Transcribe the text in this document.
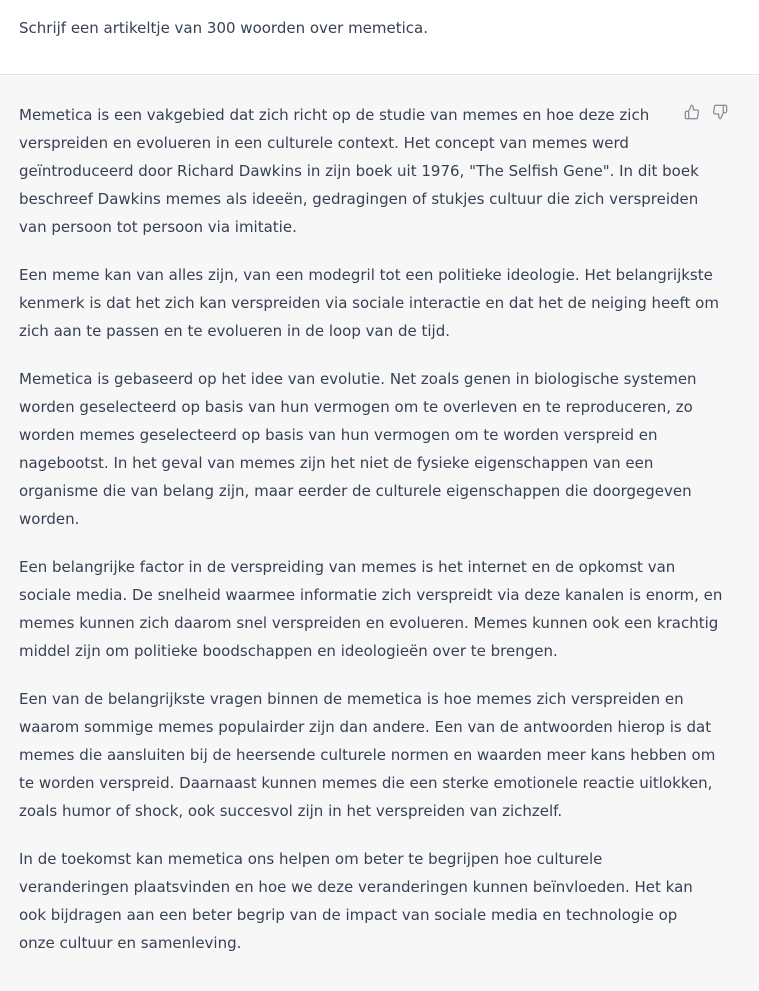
Schrijf een artikeltje van 300 woorden over memetica.

Memetica is een vakgebied dat zich richt op de studie van memes en hoe deze zich
verspreiden en evolueren in een culturele context. Het concept van memes werd
geïntroduceerd door Richard Dawkins in zijn boek uit 1976, "The Selfish Gene". In dit boek
beschreef Dawkins memes als ideeën, gedragingen of stukjes cultuur die zich verspreiden
van persoon tot persoon via imitatie.

Een meme kan van alles zijn, van een modegril tot een politieke ideologie. Het belangrijkste
kenmerk is dat het zich kan verspreiden via sociale interactie en dat het de neiging heeft om
zich aan te passen en te evolueren in de loop van de tijd.

Memetica is gebaseerd op het idee van evolutie. Net zoals genen in biologische systemen
worden geselecteerd op basis van hun vermogen om te overleven en te reproduceren, zo
worden memes geselecteerd op basis van hun vermogen om te worden verspreid en
nagebootst. In het geval van memes zijn het niet de fysieke eigenschappen van een
organisme die van belang zijn, maar eerder de culturele eigenschappen die doorgegeven
worden.

Een belangrijke factor in de verspreiding van memes is het internet en de opkomst van
sociale media. De snelheid waarmee informatie zich verspreidt via deze kanalen is enorm, en
memes kunnen zich daarom snel verspreiden en evolueren. Memes kunnen ook een krachtig
middel zijn om politieke boodschappen en ideologieën over te brengen.

Een van de belangrijkste vragen binnen de memetica is hoe memes zich verspreiden en
waarom sommige memes populairder zijn dan andere. Een van de antwoorden hierop is dat
memes die aansluiten bij de heersende culturele normen en waarden meer kans hebben om
te worden verspreid. Daarnaast kunnen memes die een sterke emotionele reactie uitlokken,
zoals humor of shock, ook succesvol zijn in het verspreiden van zichzelf.

In de toekomst kan memetica ons helpen om beter te begrijpen hoe culturele
veranderingen plaatsvinden en hoe we deze veranderingen kunnen beïnvloeden. Het kan
ook bijdragen aan een beter begrip van de impact van sociale media en technologie op
onze cultuur en samenleving.
